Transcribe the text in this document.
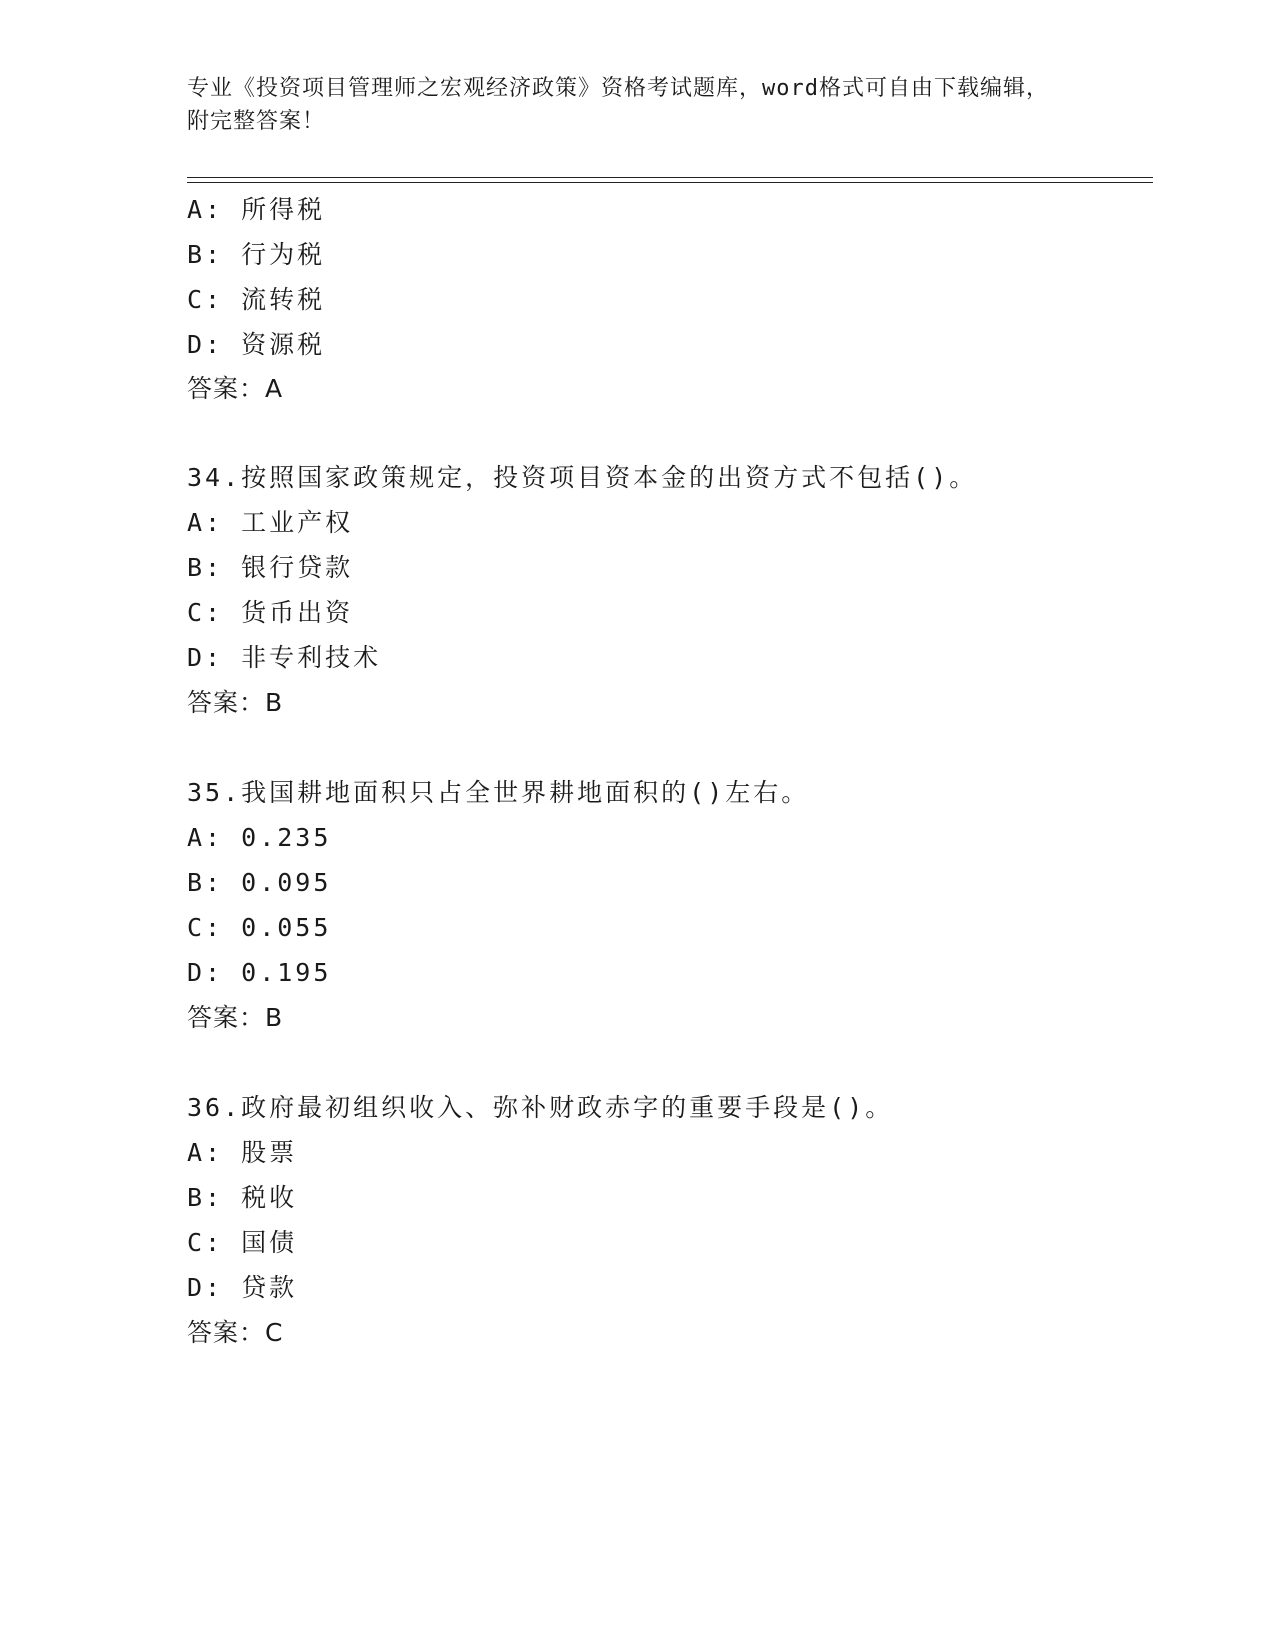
专业《投资项目管理师之宏观经济政策》资格考试题库，word格式可自由下载编辑，附完整答案！
A: 所得税
B: 行为税
C: 流转税
D: 资源税
答案：A
34.按照国家政策规定，投资项目资本金的出资方式不包括()。
A: 工业产权
B: 银行贷款
C: 货币出资
D: 非专利技术
答案：B
35.我国耕地面积只占全世界耕地面积的()左右。
A: 0.235
B: 0.095
C: 0.055
D: 0.195
答案：B
36.政府最初组织收入、弥补财政赤字的重要手段是()。
A: 股票
B: 税收
C: 国债
D: 贷款
答案：C
